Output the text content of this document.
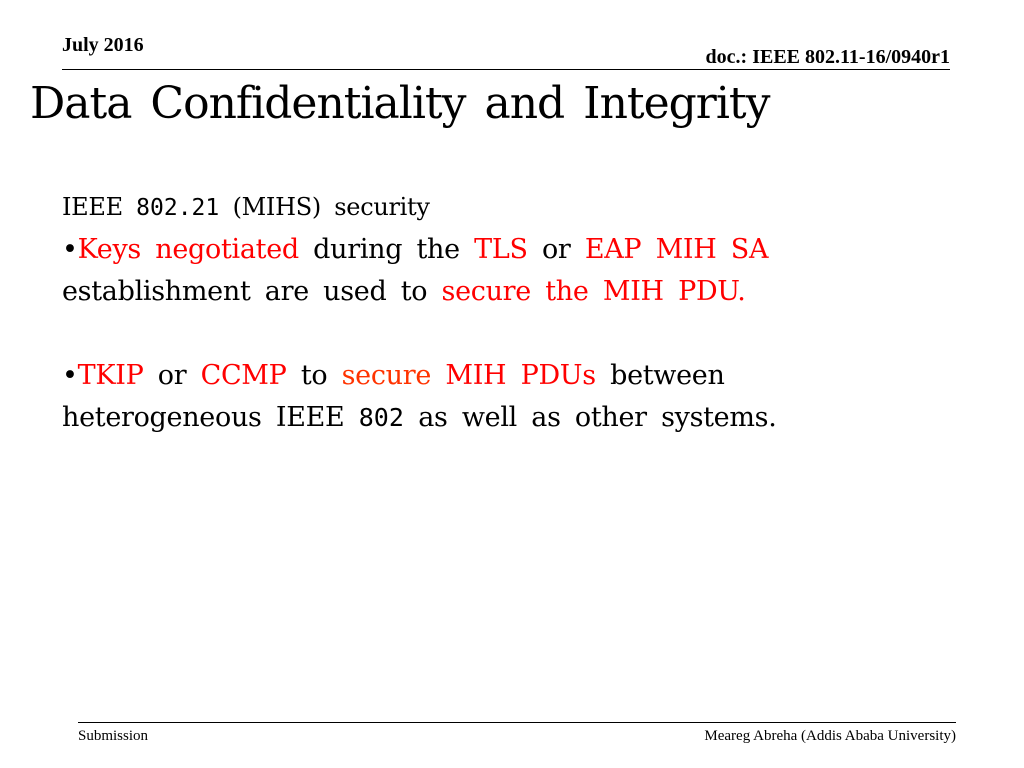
July 2016
doc.: IEEE 802.11-16/0940r1
Data Confidentiality and Integrity

IEEE 802.21 (MIHS) security

•Keys negotiated during the TLS or EAP MIH SA establishment are used to secure the MIH PDU.

•TKIP or CCMP to secure MIH PDUs between heterogeneous IEEE 802 as well as other systems.

Submission	Meareg Abreha (Addis Ababa University)
